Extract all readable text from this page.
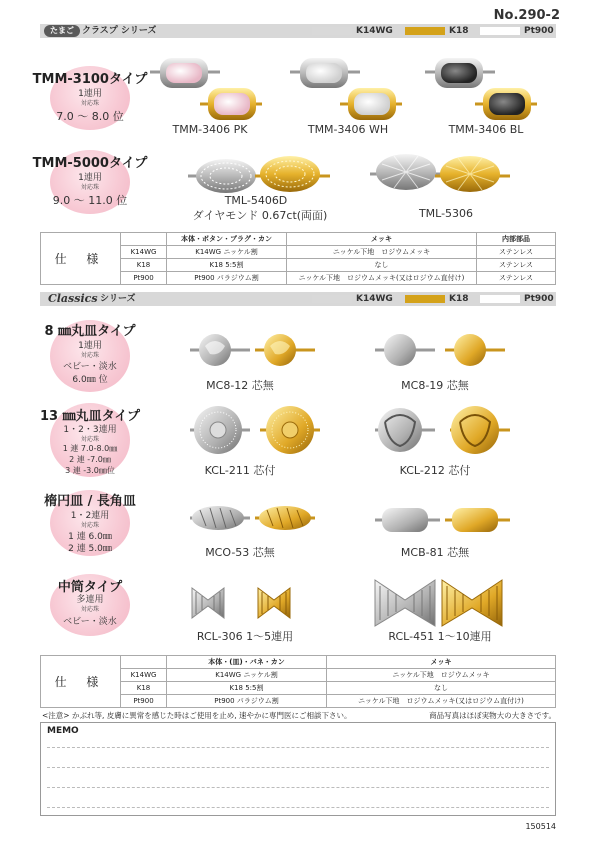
No.290-2
たまご クラスプ シリーズ	K14WG	K18	Pt900
TMM-3100タイプ
1連用
対応珠
7.0 〜 8.0 位
TMM-5000タイプ
1連用
対応珠
9.0 〜 11.0 位
TMM-3406 PK	TMM-3406 WH	TMM-3406 BL
TML-5406D
ダイヤモンド 0.67ct(両面)	TML-5306
仕 様		本体・ボタン・プラグ・カン	メッキ	内部部品
	K14WG	K14WG ニッケル割	ニッケル下地　ロジウムメッキ	ステンレス
	K18	K18 5:5割	なし	ステンレス
	Pt900	Pt900 パラジウム割	ニッケル下地　ロジウムメッキ(又はロジウム直付け)	ステンレス
Classics シリーズ	K14WG	K18	Pt900
8 ㎜丸皿タイプ
1連用
対応珠
ベビー・淡水
6.0㎜ 位
13 ㎜丸皿タイプ
1・2・3連用
対応珠
1 連 7.0-8.0㎜
2 連 -7.0㎜
3 連 -3.0㎜位
楕円皿 / 長角皿
1・2連用
対応珠
1 連 6.0㎜
2 連 5.0㎜
中筒タイプ
多連用
対応珠
ベビー・淡水
MC8-12 芯無	MC8-19 芯無
KCL-211 芯付	KCL-212 芯付
MCO-53 芯無	MCB-81 芯無
RCL-306 1〜5連用	RCL-451 1〜10連用
仕 様		本体・(皿)・バネ・カン	メッキ
	K14WG	K14WG ニッケル割	ニッケル下地　ロジウムメッキ
	K18	K18 5:5割	なし
	Pt900	Pt900 パラジウム割	ニッケル下地　ロジウムメッキ(又はロジウム直付け)
<注意> かぶれ等, 皮膚に異常を感じた時はご使用を止め, 速やかに専門医にご相談下さい。	商品写真はほぼ実物大の大きさです。
MEMO
150514
